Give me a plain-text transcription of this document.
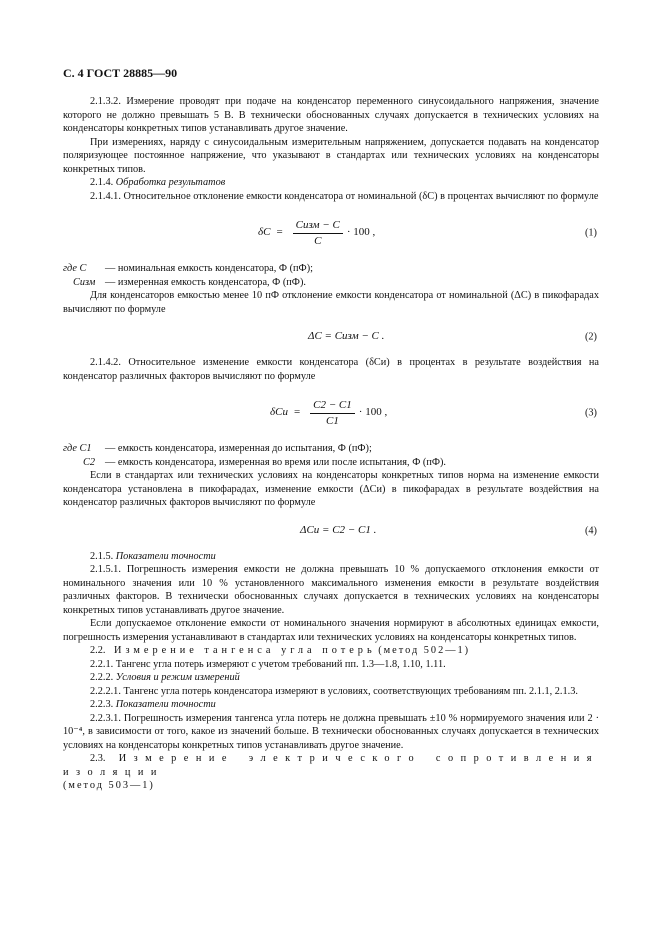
С. 4 ГОСТ 28885—90

2.1.3.2. Измерение проводят при подаче на конденсатор переменного синусоидального напряжения, значение которого не должно превышать 5 В. В технически обоснованных случаях допускается в техничеcких условиях на конденсаторы конкретных типов устанавливать другое значение.

При измерениях, наряду с синусоидальным измерительным напряжением, допускается подавать на конденсатор поляризующее постоянное напряжение, что указывают в стандартах или технических условиях на конденсаторы конкретных типов.

2.1.4. Обработка результатов

2.1.4.1. Относительное отклонение емкости конденсатора от номинальной (δC) в процентах вычисляют по формуле

$\delta C = \frac{\text{Cизм − C}}{C} \cdot 100$ ,	(1)
где C	— номинальная емкость конденсатора, Ф (пФ);
Cизм — измеренная емкость конденсатора, Ф (пФ).

Для конденсаторов емкостью менее 10 пФ отклонение емкости конденсатора от номинальной (ΔC) в пикофарадах вычисляют по формуле

ΔC = Cизм − C .	(2)

2.1.4.2. Относительное изменение емкости конденсатора (δCи) в процентах в результате воздействия на конденсатор различных факторов вычисляют по формуле

$\delta Cи = \frac{C2 - C1}{C1} \cdot 100$ ,	(3)
где C1	— емкость конденсатора, измеренная до испытания, Ф (пФ);
C2 — емкость конденсатора, измеренная во время или после испытания, Ф (пФ).

Если в стандартах или технических условиях на конденсаторы конкретных типов норма на изменение емкости конденсатора установлена в пикофарадах, изменение емкости (ΔCи) в пикофарадах в результате воздействия на конденсатор различных факторов вычисляют по формуле

ΔCи = C2 − C1 .	(4)

2.1.5. Показатели точности

2.1.5.1. Погрешность измерения емкости не должна превышать 10 % допускаемого отклонения емкости от номинального значения или 10 % установленного максимального изменения емкости в результате воздействия различных факторов. В технически обоснованных случаях допускается в технических условиях на конденсаторы конкретных типов устанавливать другое значение.

Если допускаемое отклонение емкости от номинального значения нормируют в абсолютных единицах емкости, погрешность измерения устанавливают в стандартах или технических условиях на конденсаторы конкретных типов.

2.2. Измерение тангенса угла потерь (метод 502—1)

2.2.1. Тангенс угла потерь измеряют с учетом требований пп. 1.3—1.8, 1.10, 1.11.

2.2.2. Условия и режим измерений

2.2.2.1. Тангенс угла потерь конденсатора измеряют в условиях, соответствующих требованиям пп. 2.1.1, 2.1.3.

2.2.3. Показатели точности

2.2.3.1. Погрешность измерения тангенса угла потерь не должна превышать ±10 % нормируемого значения или 2 · 10⁻⁴, в зависимости от того, какое из значений больше. В технически обоснованных случаях допускается в технических условиях на конденсаторы конкретных типов устанавливать другое значение.

2.3. Измерение электрического сопротивления изоляции

(метод 503—1)
